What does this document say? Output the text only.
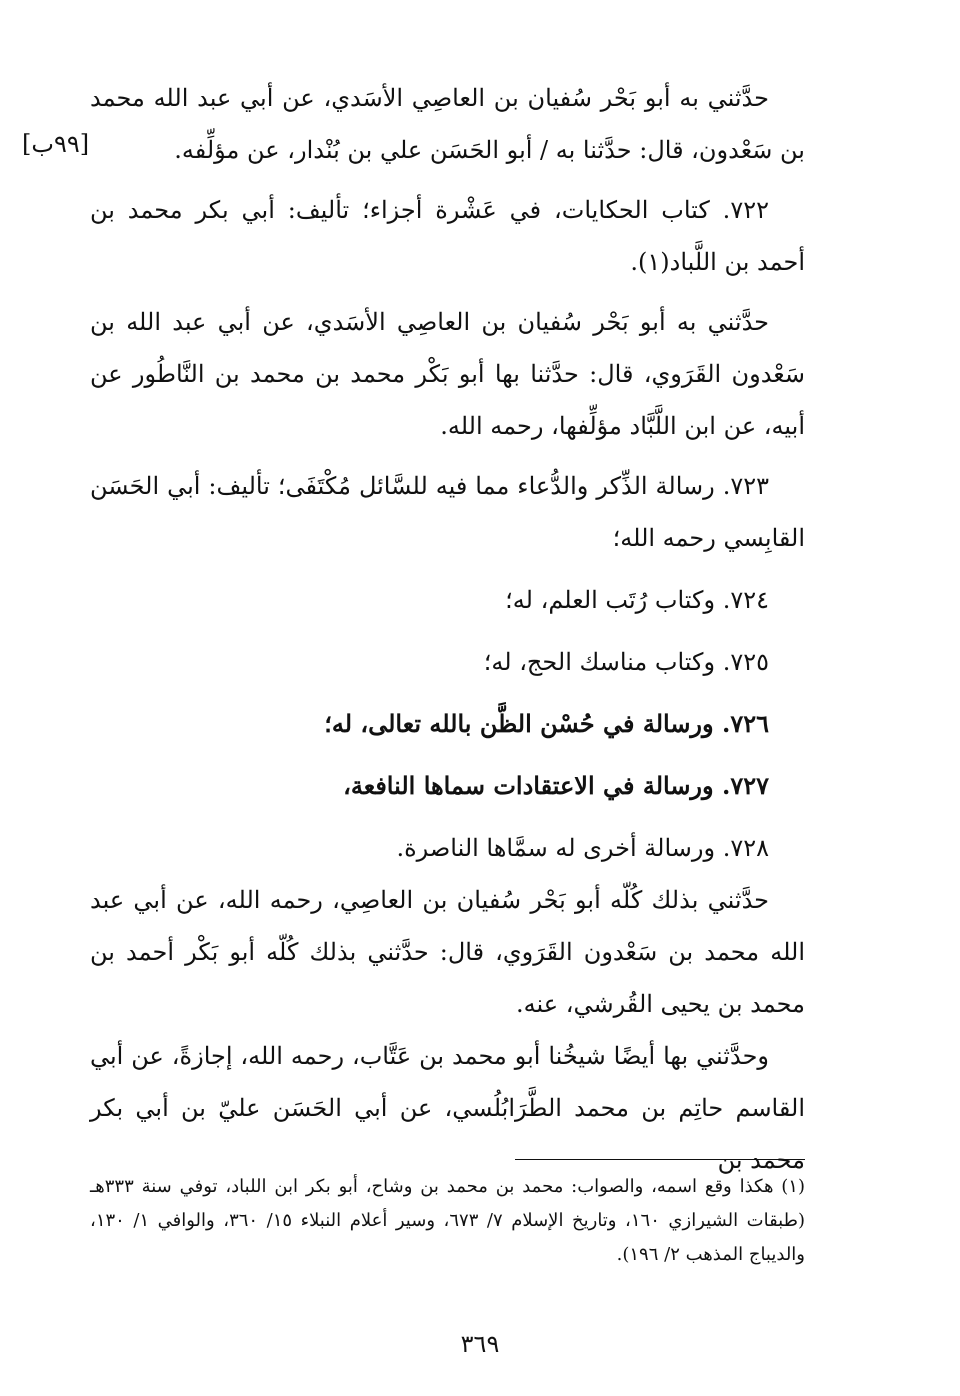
[٩٩ب]

حدَّثني به أبو بَحْر سُفيان بن العاصِي الأسَدي، عن أبي عبد الله محمد بن سَعْدون، قال: حدَّثنا به / أبو الحَسَن علي بن بُنْدار، عن مؤلِّفه.

٧٢٢. كتاب الحكايات، في عَشْرة أجزاء؛ تأليف: أبي بكر محمد بن أحمد بن اللَّباد(١).

حدَّثني به أبو بَحْر سُفيان بن العاصِي الأسَدي، عن أبي عبد الله بن سَعْدون القَرَوي، قال: حدَّثنا بها أبو بَكْر محمد بن محمد بن النَّاطُور عن أبيه، عن ابن اللَّبَّاد مؤلِّفها، رحمه الله.

٧٢٣. رسالة الذِّكر والدُّعاء مما فيه للسَّائل مُكْتَفَى؛ تأليف: أبي الحَسَن القابِسي رحمه الله؛

٧٢٤. وكتاب رُتَب العلم، له؛

٧٢٥. وكتاب مناسك الحج، له؛

٧٢٦. ورسالة في حُسْن الظَّن بالله تعالى، له؛

٧٢٧. ورسالة في الاعتقادات سماها النافعة،

٧٢٨. ورسالة أخرى له سمَّاها الناصرة.

حدَّثني بذلك كُلّه أبو بَحْر سُفيان بن العاصِي، رحمه الله، عن أبي عبد الله محمد بن سَعْدون القَرَوي، قال: حدَّثني بذلك كُلّه أبو بَكْر أحمد بن محمد بن يحيى القُرشي، عنه.

وحدَّثني بها أيضًا شيخُنا أبو محمد بن عَتَّاب، رحمه الله، إجازةً، عن أبي القاسم حاتِم بن محمد الطَّرَابُلُسي، عن أبي الحَسَن عليّ بن أبي بكر محمد بن

(١) هكذا وقع اسمه، والصواب: محمد بن محمد بن وشاح، أبو بكر ابن اللباد، توفي سنة ٣٣٣هـ (طبقات الشيرازي ١٦٠، وتاريخ الإسلام ٧/ ٦٧٣، وسير أعلام النبلاء ١٥/ ٣٦٠، والوافي ١/ ١٣٠، والديباج المذهب ٢/ ١٩٦).
٣٦٩
